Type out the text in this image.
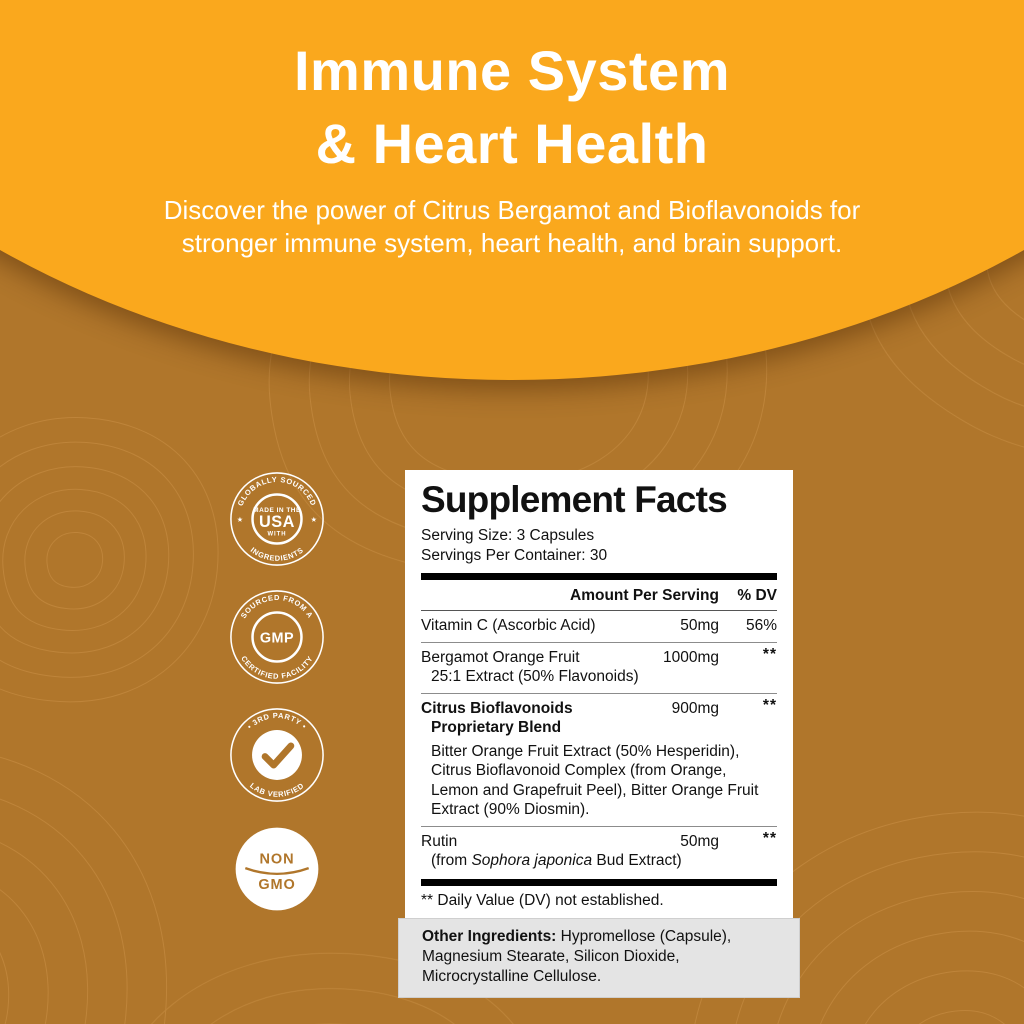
Immune System
& Heart Health

Discover the power of Citrus Bergamot and Bioflavonoids for stronger immune system, heart health, and brain support.

GLOBALLY SOURCED
INGREDIENTS
★	★
MADE IN THE
USA
WITH
SOURCED FROM A
CERTIFIED FACILITY
GMP
• 3RD PARTY •
LAB VERIFIED
NON
GMO
Supplement Facts
Serving Size: 3 Capsules
Servings Per Container: 30
Amount Per Serving	% DV
Vitamin C (Ascorbic Acid)	50mg	56%
Bergamot Orange Fruit	1000mg	**
25:1 Extract (50% Flavonoids)
Citrus Bioflavonoids	900mg	**
Proprietary Blend
Bitter Orange Fruit Extract (50% Hesperidin), Citrus Bioflavonoid Complex (from Orange, Lemon and Grapefruit Peel), Bitter Orange Fruit Extract (90% Diosmin).
Rutin	50mg	**
(from Sophora japonica Bud Extract)
** Daily Value (DV) not established.
Other Ingredients: Hypromellose (Capsule), Magnesium Stearate, Silicon Dioxide, Microcrystalline Cellulose.
